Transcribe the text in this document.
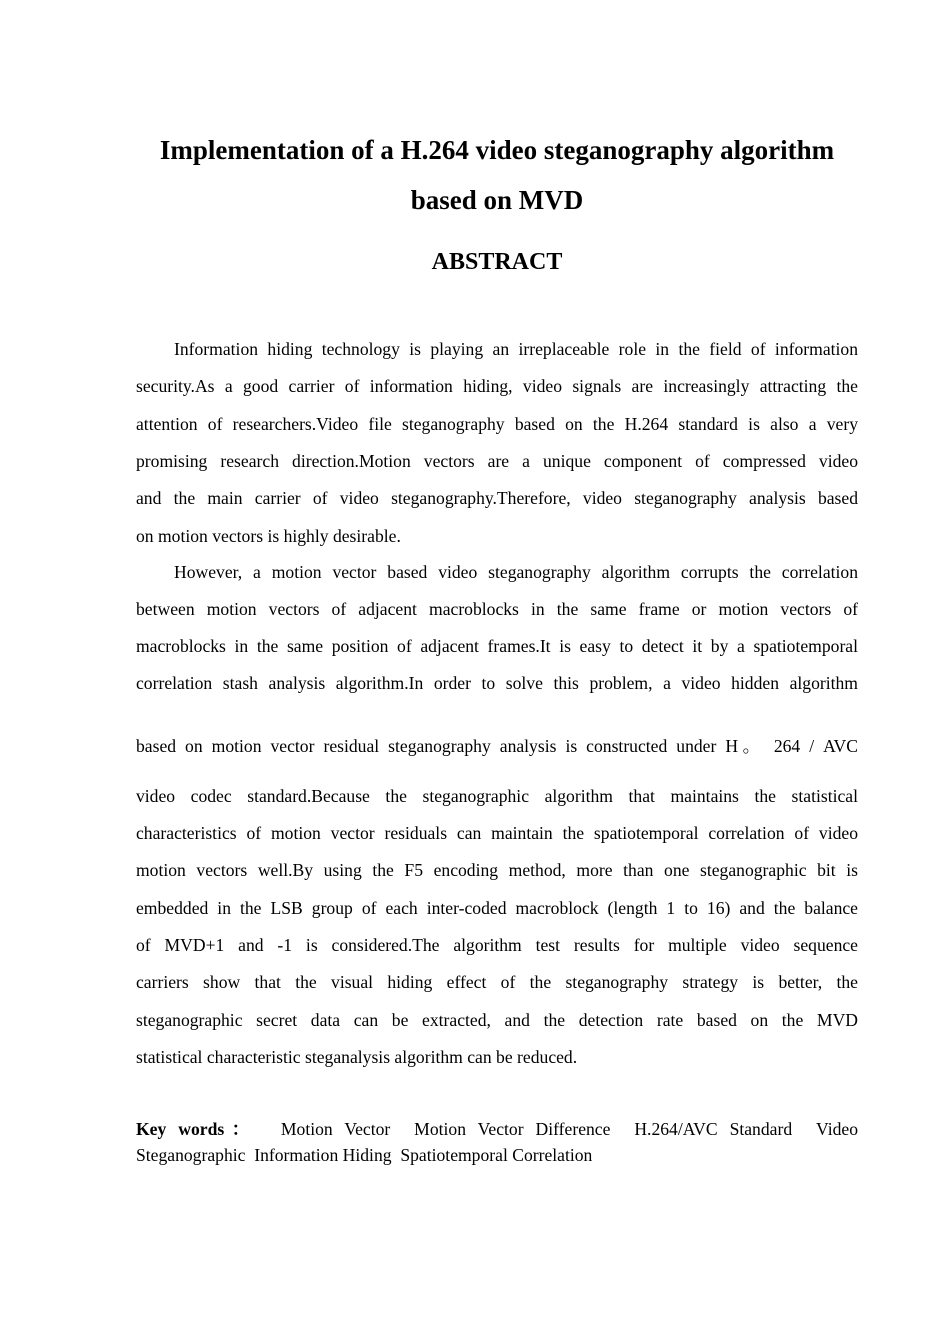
Implementation of a H.264 video steganography algorithm
based on MVD
ABSTRACT
Information hiding technology is playing an irreplaceable role in the field of information
security.As a good carrier of information hiding, video signals are increasingly attracting the
attention of researchers.Video file steganography based on the H.264 standard is also a very
promising research direction.Motion vectors are a unique component of compressed video
and the main carrier of video steganography.Therefore, video steganography analysis based
on motion vectors is highly desirable.
However, a motion vector based video steganography algorithm corrupts the correlation
between motion vectors of adjacent macroblocks in the same frame or motion vectors of
macroblocks in the same position of adjacent frames.It is easy to detect it by a spatiotemporal
correlation stash analysis algorithm.In order to solve this problem, a video hidden algorithm
based on motion vector residual steganography analysis is constructed under H。 264 / AVC
video codec standard.Because the steganographic algorithm that maintains the statistical
characteristics of motion vector residuals can maintain the spatiotemporal correlation of video
motion vectors well.By using the F5 encoding method, more than one steganographic bit is
embedded in the LSB group of each inter-coded macroblock (length 1 to 16) and the balance
of MVD+1 and -1 is considered.The algorithm test results for multiple video sequence
carriers show that the visual hiding effect of the steganography strategy is better, the
steganographic secret data can be extracted, and the detection rate based on the MVD
statistical characteristic steganalysis algorithm can be reduced.
Key words： Motion Vector  Motion Vector Difference  H.264/AVC Standard  Video Steganographic  Information Hiding  Spatiotemporal Correlation
